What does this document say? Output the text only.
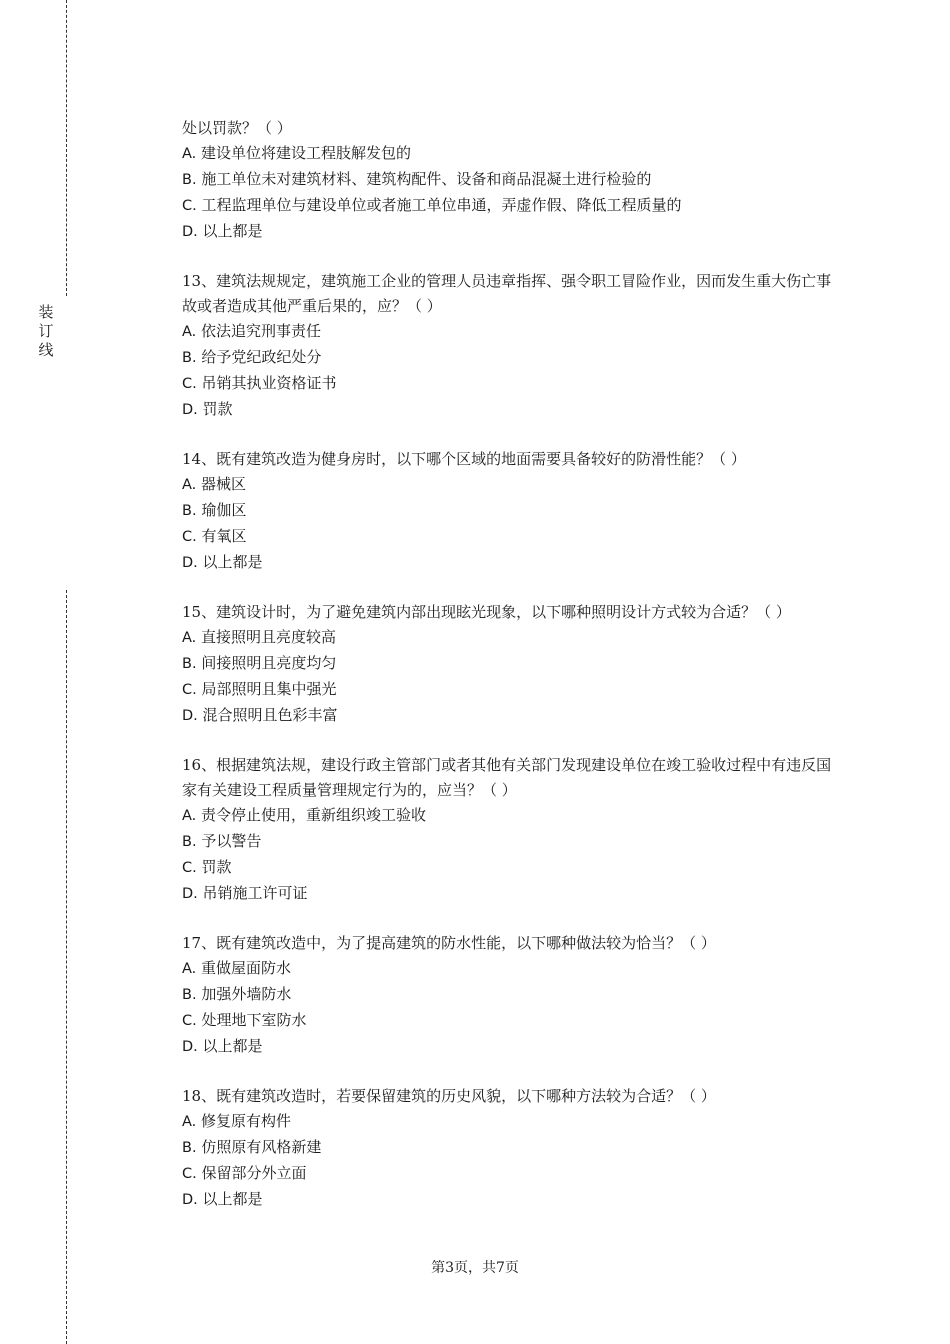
装订线
处以罚款？（ ）
A. 建设单位将建设工程肢解发包的
B. 施工单位未对建筑材料、建筑构配件、设备和商品混凝土进行检验的
C. 工程监理单位与建设单位或者施工单位串通，弄虚作假、降低工程质量的
D. 以上都是
13、建筑法规规定，建筑施工企业的管理人员违章指挥、强令职工冒险作业，因而发生重大伤亡事故或者造成其他严重后果的，应？（ ）
A. 依法追究刑事责任
B. 给予党纪政纪处分
C. 吊销其执业资格证书
D. 罚款
14、既有建筑改造为健身房时，以下哪个区域的地面需要具备较好的防滑性能？（ ）
A. 器械区
B. 瑜伽区
C. 有氧区
D. 以上都是
15、建筑设计时，为了避免建筑内部出现眩光现象，以下哪种照明设计方式较为合适？（ ）
A. 直接照明且亮度较高
B. 间接照明且亮度均匀
C. 局部照明且集中强光
D. 混合照明且色彩丰富
16、根据建筑法规，建设行政主管部门或者其他有关部门发现建设单位在竣工验收过程中有违反国家有关建设工程质量管理规定行为的，应当？（ ）
A. 责令停止使用，重新组织竣工验收
B. 予以警告
C. 罚款
D. 吊销施工许可证
17、既有建筑改造中，为了提高建筑的防水性能，以下哪种做法较为恰当？（ ）
A. 重做屋面防水
B. 加强外墙防水
C. 处理地下室防水
D. 以上都是
18、既有建筑改造时，若要保留建筑的历史风貌，以下哪种方法较为合适？（ ）
A. 修复原有构件
B. 仿照原有风格新建
C. 保留部分外立面
D. 以上都是
第3页，共7页
